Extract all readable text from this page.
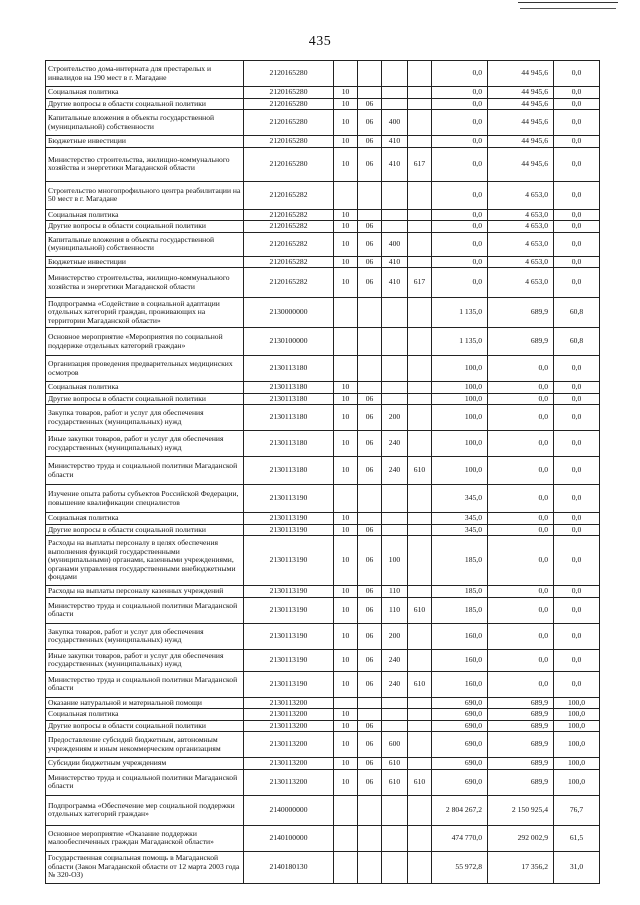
435
Строительство дома-интерната для престарелых и инвалидов на 190 мест в г. Магадане	2120165280					0,0	44 945,6	0,0
Социальная политика	2120165280	10				0,0	44 945,6	0,0
Другие вопросы в области социальной политики	2120165280	10	06			0,0	44 945,6	0,0
Капитальные вложения в объекты государственной (муниципальной) собственности	2120165280	10	06	400		0,0	44 945,6	0,0
Бюджетные инвестиции	2120165280	10	06	410		0,0	44 945,6	0,0
Министерство строительства, жилищно-коммунального хозяйства и энергетики Магаданской области	2120165280	10	06	410	617	0,0	44 945,6	0,0
Строительство многопрофильного центра реабилитации на 50 мест в г. Магадане	2120165282					0,0	4 653,0	0,0
Социальная политика	2120165282	10				0,0	4 653,0	0,0
Другие вопросы в области социальной политики	2120165282	10	06			0,0	4 653,0	0,0
Капитальные вложения в объекты государственной (муниципальной) собственности	2120165282	10	06	400		0,0	4 653,0	0,0
Бюджетные инвестиции	2120165282	10	06	410		0,0	4 653,0	0,0
Министерство строительства, жилищно-коммунального хозяйства и энергетики Магаданской области	2120165282	10	06	410	617	0,0	4 653,0	0,0
Подпрограмма «Содействие в социальной адаптации отдельных категорий граждан, проживающих на территории Магаданской области»	2130000000					1 135,0	689,9	60,8
Основное мероприятие «Мероприятия по социальной поддержке отдельных категорий граждан»	2130100000					1 135,0	689,9	60,8
Организация проведения предварительных медицинских осмотров	2130113180					100,0	0,0	0,0
Социальная политика	2130113180	10				100,0	0,0	0,0
Другие вопросы в области социальной политики	2130113180	10	06			100,0	0,0	0,0
Закупка товаров, работ и услуг для обеспечения государственных (муниципальных) нужд	2130113180	10	06	200		100,0	0,0	0,0
Иные закупки товаров, работ и услуг для обеспечения государственных (муниципальных) нужд	2130113180	10	06	240		100,0	0,0	0,0
Министерство труда и социальной политики Магаданской области	2130113180	10	06	240	610	100,0	0,0	0,0
Изучение опыта работы субъектов Российской Федерации, повышение квалификации специалистов	2130113190					345,0	0,0	0,0
Социальная политика	2130113190	10				345,0	0,0	0,0
Другие вопросы в области социальной политики	2130113190	10	06			345,0	0,0	0,0
Расходы на выплаты персоналу в целях обеспечения выполнения функций государственными (муниципальными) органами, казенными учреждениями, органами управления государственными внебюджетными фондами	2130113190	10	06	100		185,0	0,0	0,0
Расходы на выплаты персоналу казенных учреждений	2130113190	10	06	110		185,0	0,0	0,0
Министерство труда и социальной политики Магаданской области	2130113190	10	06	110	610	185,0	0,0	0,0
Закупка товаров, работ и услуг для обеспечения государственных (муниципальных) нужд	2130113190	10	06	200		160,0	0,0	0,0
Иные закупки товаров, работ и услуг для обеспечения государственных (муниципальных) нужд	2130113190	10	06	240		160,0	0,0	0,0
Министерство труда и социальной политики Магаданской области	2130113190	10	06	240	610	160,0	0,0	0,0
Оказание натуральной и материальной помощи	2130113200					690,0	689,9	100,0
Социальная политика	2130113200	10				690,0	689,9	100,0
Другие вопросы в области социальной политики	2130113200	10	06			690,0	689,9	100,0
Предоставление субсидий бюджетным, автономным учреждениям и иным некоммерческим организациям	2130113200	10	06	600		690,0	689,9	100,0
Субсидии бюджетным учреждениям	2130113200	10	06	610		690,0	689,9	100,0
Министерство труда и социальной политики Магаданской области	2130113200	10	06	610	610	690,0	689,9	100,0
Подпрограмма «Обеспечение мер социальной поддержки отдельных категорий граждан»	2140000000					2 804 267,2	2 150 925,4	76,7
Основное мероприятие «Оказание поддержки малообеспеченных граждан Магаданской области»	2140100000					474 770,0	292 002,9	61,5
Государственная социальная помощь в Магаданской области (Закон Магаданской области от 12 марта 2003 года № 320-ОЗ)	2140180130					55 972,8	17 356,2	31,0
